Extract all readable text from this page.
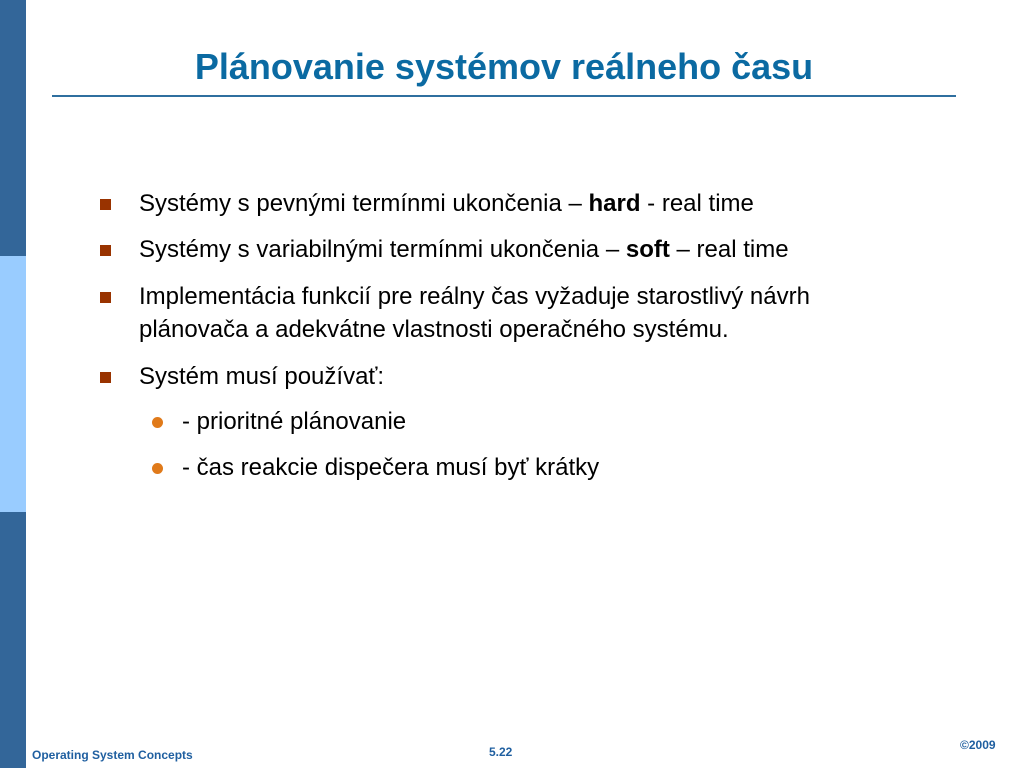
Plánovanie systémov reálneho času
Systémy s pevnými termínmi ukončenia – hard - real time
Systémy s variabilnými termínmi ukončenia – soft – real time
Implementácia funkcií pre reálny čas vyžaduje starostlivý návrh
plánovača a adekvátne vlastnosti operačného systému.
Systém musí používať:
- prioritné plánovanie
- čas reakcie dispečera musí byť krátky
Operating System Concepts	5.22	©2009
